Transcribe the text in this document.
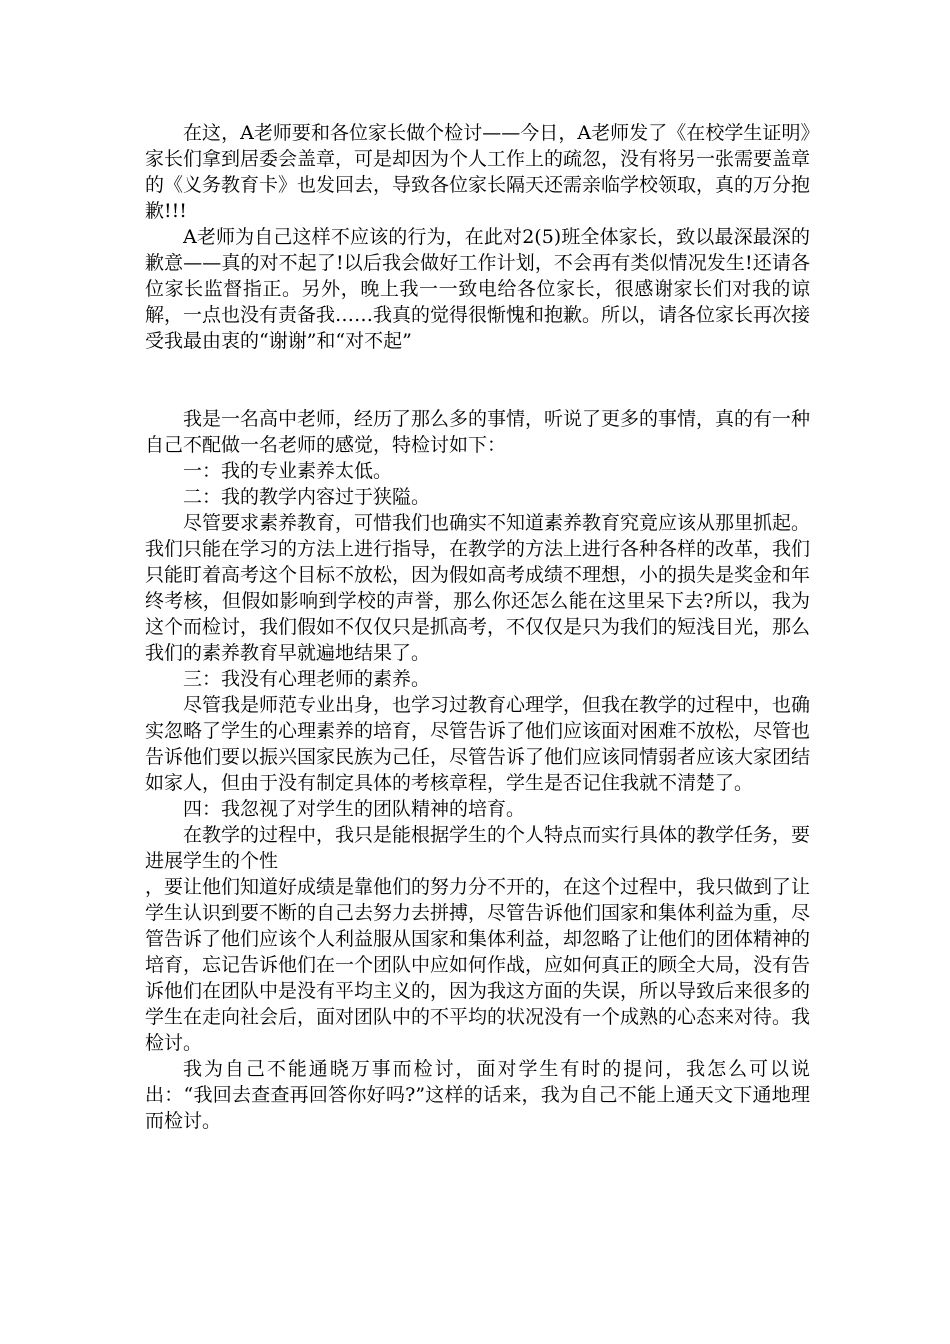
在这，A老师要和各位家长做个检讨——今日，A老师发了《在校学生证明》家长们拿到居委会盖章，可是却因为个人工作上的疏忽，没有将另一张需要盖章的《义务教育卡》也发回去，导致各位家长隔天还需亲临学校领取，真的万分抱歉!!!

A老师为自己这样不应该的行为，在此对2(5)班全体家长，致以最深最深的歉意——真的对不起了!以后我会做好工作计划，不会再有类似情况发生!还请各位家长监督指正。另外，晚上我一一致电给各位家长，很感谢家长们对我的谅解，一点也没有责备我……我真的觉得很惭愧和抱歉。所以，请各位家长再次接受我最由衷的“谢谢”和“对不起”

我是一名高中老师，经历了那么多的事情，听说了更多的事情，真的有一种自己不配做一名老师的感觉，特检讨如下：

一：我的专业素养太低。

二：我的教学内容过于狭隘。

尽管要求素养教育，可惜我们也确实不知道素养教育究竟应该从那里抓起。我们只能在学习的方法上进行指导，在教学的方法上进行各种各样的改革，我们只能盯着高考这个目标不放松，因为假如高考成绩不理想，小的损失是奖金和年终考核，但假如影响到学校的声誉，那么你还怎么能在这里呆下去?所以，我为这个而检讨，我们假如不仅仅只是抓高考，不仅仅是只为我们的短浅目光，那么我们的素养教育早就遍地结果了。

三：我没有心理老师的素养。

尽管我是师范专业出身，也学习过教育心理学，但我在教学的过程中，也确实忽略了学生的心理素养的培育，尽管告诉了他们应该面对困难不放松，尽管也告诉他们要以振兴国家民族为己任，尽管告诉了他们应该同情弱者应该大家团结如家人，但由于没有制定具体的考核章程，学生是否记住我就不清楚了。

四：我忽视了对学生的团队精神的培育。

在教学的过程中，我只是能根据学生的个人特点而实行具体的教学任务，要进展学生的个性

，要让他们知道好成绩是靠他们的努力分不开的，在这个过程中，我只做到了让学生认识到要不断的自己去努力去拼搏，尽管告诉他们国家和集体利益为重，尽管告诉了他们应该个人利益服从国家和集体利益，却忽略了让他们的团体精神的培育，忘记告诉他们在一个团队中应如何作战，应如何真正的顾全大局，没有告诉他们在团队中是没有平均主义的，因为我这方面的失误，所以导致后来很多的学生在走向社会后，面对团队中的不平均的状况没有一个成熟的心态来对待。我检讨。

我为自己不能通晓万事而检讨，面对学生有时的提问，我怎么可以说出：“我回去查查再回答你好吗?”这样的话来，我为自己不能上通天文下通地理而检讨。
